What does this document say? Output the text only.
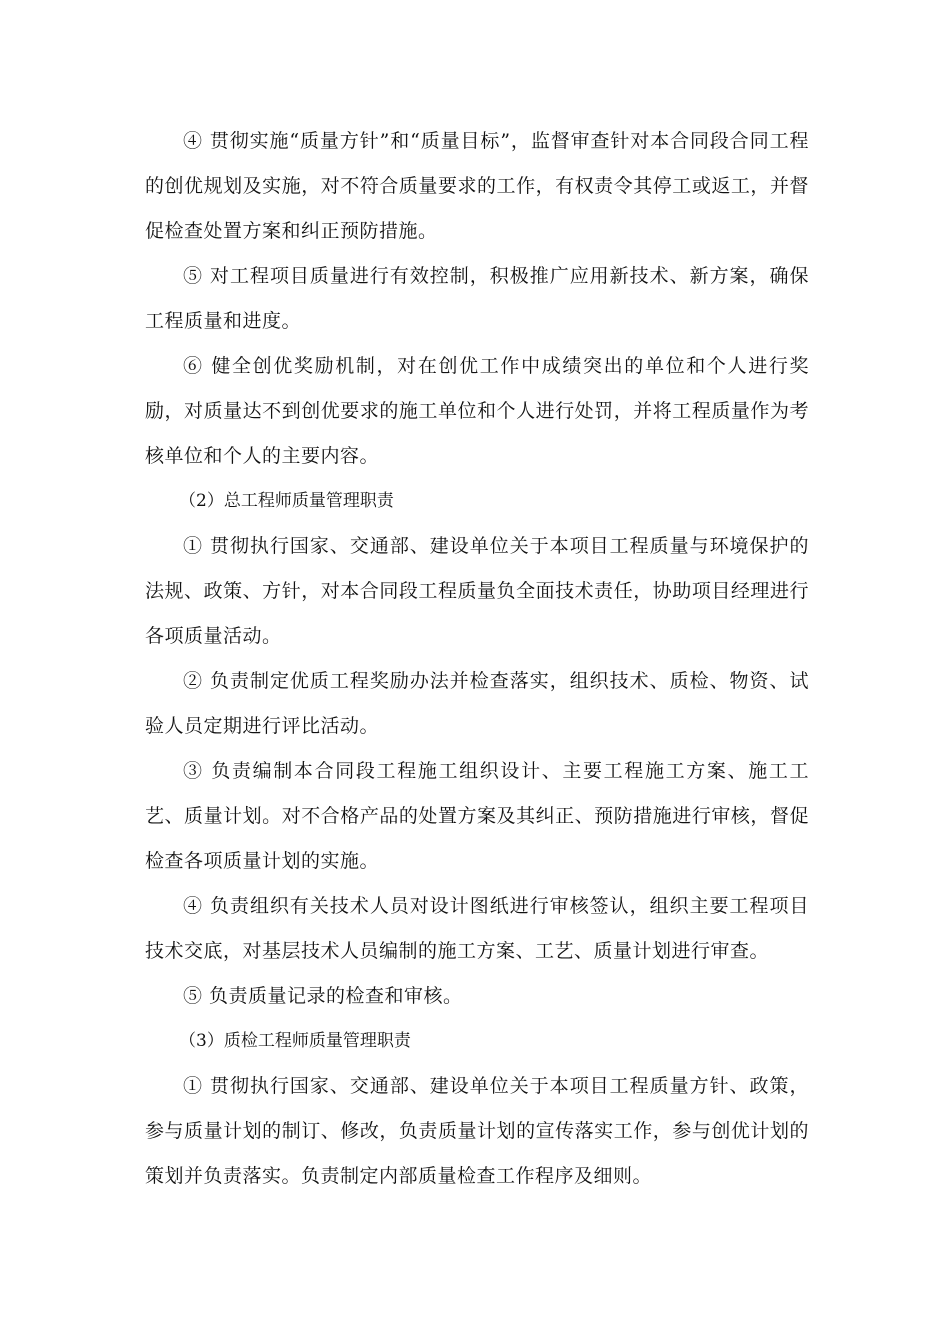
④ 贯彻实施“质量方针”和“质量目标”，监督审查针对本合同段合同工程的创优规划及实施，对不符合质量要求的工作，有权责令其停工或返工，并督促检查处置方案和纠正预防措施。

⑤ 对工程项目质量进行有效控制，积极推广应用新技术、新方案，确保工程质量和进度。

⑥ 健全创优奖励机制，对在创优工作中成绩突出的单位和个人进行奖励，对质量达不到创优要求的施工单位和个人进行处罚，并将工程质量作为考核单位和个人的主要内容。

（2）总工程师质量管理职责

① 贯彻执行国家、交通部、建设单位关于本项目工程质量与环境保护的法规、政策、方针，对本合同段工程质量负全面技术责任，协助项目经理进行各项质量活动。

② 负责制定优质工程奖励办法并检查落实，组织技术、质检、物资、试验人员定期进行评比活动。

③ 负责编制本合同段工程施工组织设计、主要工程施工方案、施工工艺、质量计划。对不合格产品的处置方案及其纠正、预防措施进行审核，督促检查各项质量计划的实施。

④ 负责组织有关技术人员对设计图纸进行审核签认，组织主要工程项目技术交底，对基层技术人员编制的施工方案、工艺、质量计划进行审查。

⑤ 负责质量记录的检查和审核。

（3）质检工程师质量管理职责

① 贯彻执行国家、交通部、建设单位关于本项目工程质量方针、政策，参与质量计划的制订、修改，负责质量计划的宣传落实工作，参与创优计划的策划并负责落实。负责制定内部质量检查工作程序及细则。
